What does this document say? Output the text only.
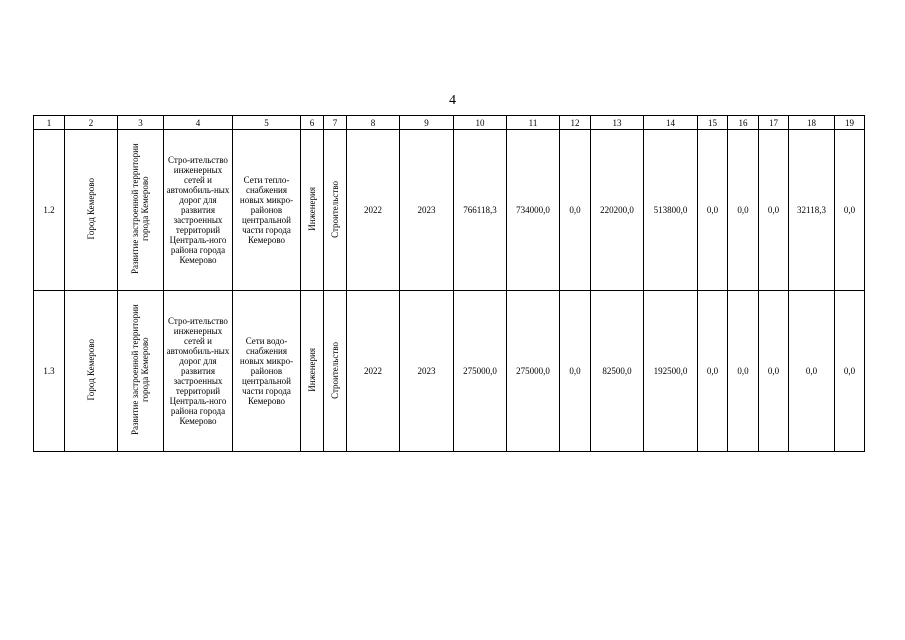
4
1	2	3	4	5	6	7	8	9	10	11	12	13	14	15	16	17	18	19
1.2	Город Кемерово	Развитие застроенной территории города Кемерово	Стро-ительство инженерных сетей и автомобиль-ных дорог для развития застроенных территорий Централь-ного района города Кемерово	Сети тепло-снабжения новых микро-районов центральной части города Кемерово	Инженерия	Строительство	2022	2023	766118,3	734000,0	0,0	220200,0	513800,0	0,0	0,0	0,0	32118,3	0,0
1.3	Город Кемерово	Развитие застроенной территории города Кемерово	Стро-ительство инженерных сетей и автомобиль-ных дорог для развития застроенных территорий Централь-ного района города Кемерово	Сети водо-снабжения новых микро-районов центральной части города Кемерово	Инженерия	Строительство	2022	2023	275000,0	275000,0	0,0	82500,0	192500,0	0,0	0,0	0,0	0,0	0,0
